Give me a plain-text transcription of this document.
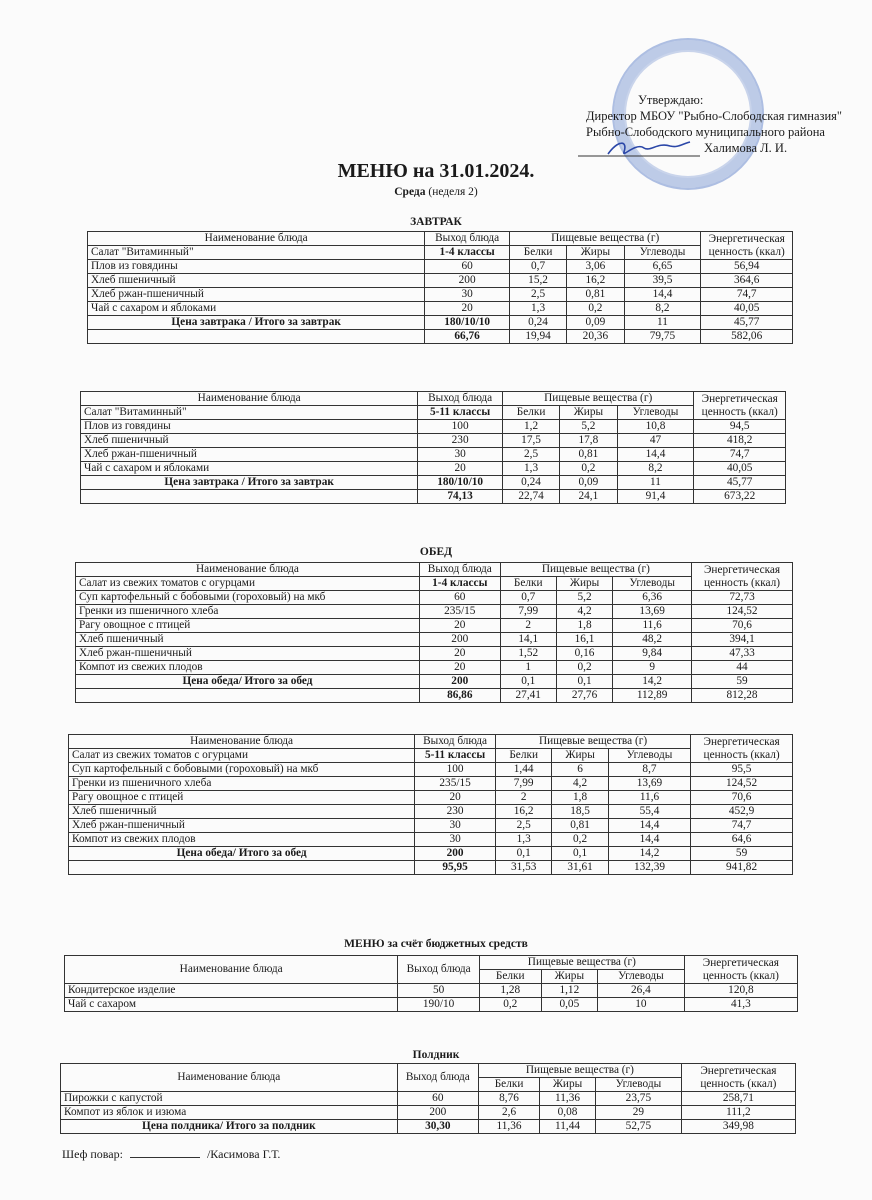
Утверждаю:
Директор МБОУ "Рыбно-Слободская гимназия"
Рыбно-Слободского муниципального района
Халимова Л. И.
МЕНЮ на 31.01.2024.
Среда (неделя 2)
ЗАВТРАК
Наименование блюда	Выход блюда	Пищевые вещества (г)			Энергетическая ценность (ккал)
Салат "Витаминный"	1-4 классы	Белки	Жиры	Углеводы	
Плов из говядины	60	0,7	3,06	6,65	56,94
Хлеб пшеничный	200	15,2	16,2	39,5	364,6
Хлеб ржан-пшеничный	30	2,5	0,81	14,4	74,7
Чай с сахаром и яблоками	20	1,3	0,2	8,2	40,05
Цена завтрака / Итого за завтрак	180/10/10	0,24	0,09	11	45,77
	66,76	19,94	20,36	79,75	582,06
Наименование блюда	Выход блюда	Пищевые вещества (г)			Энергетическая ценность (ккал)
Салат "Витаминный"	5-11 классы	Белки	Жиры	Углеводы	
Плов из говядины	100	1,2	5,2	10,8	94,5
Хлеб пшеничный	230	17,5	17,8	47	418,2
Хлеб ржан-пшеничный	30	2,5	0,81	14,4	74,7
Чай с сахаром и яблоками	20	1,3	0,2	8,2	40,05
Цена завтрака / Итого за завтрак	180/10/10	0,24	0,09	11	45,77
	74,13	22,74	24,1	91,4	673,22
ОБЕД
Наименование блюда	Выход блюда	Пищевые вещества (г)			Энергетическая ценность (ккал)
Салат из свежих томатов с огурцами	1-4 классы	Белки	Жиры	Углеводы	
Суп картофельный с бобовыми (гороховый) на мкб	60	0,7	5,2	6,36	72,73
Гренки из пшеничного хлеба	235/15	7,99	4,2	13,69	124,52
Рагу овощное с птицей	20	2	1,8	11,6	70,6
Хлеб пшеничный	200	14,1	16,1	48,2	394,1
Хлеб ржан-пшеничный	20	1,52	0,16	9,84	47,33
Компот из свежих плодов	20	1	0,2	9	44
Цена обеда/ Итого за обед	200	0,1	0,1	14,2	59
	86,86	27,41	27,76	112,89	812,28
Наименование блюда	Выход блюда	Пищевые вещества (г)			Энергетическая ценность (ккал)
Салат из свежих томатов с огурцами	5-11 классы	Белки	Жиры	Углеводы	
Суп картофельный с бобовыми (гороховый) на мкб	100	1,44	6	8,7	95,5
Гренки из пшеничного хлеба	235/15	7,99	4,2	13,69	124,52
Рагу овощное с птицей	20	2	1,8	11,6	70,6
Хлеб пшеничный	230	16,2	18,5	55,4	452,9
Хлеб ржан-пшеничный	30	2,5	0,81	14,4	74,7
Компот из свежих плодов	30	1,3	0,2	14,4	64,6
Цена обеда/ Итого за обед	200	0,1	0,1	14,2	59
	95,95	31,53	31,61	132,39	941,82
МЕНЮ за счёт бюджетных средств
Наименование блюда	Выход блюда	Пищевые вещества (г)			Энергетическая ценность (ккал)
		Белки	Жиры	Углеводы	
Кондитерское изделие	50	1,28	1,12	26,4	120,8
Чай с сахаром	190/10	0,2	0,05	10	41,3
Полдник
Наименование блюда	Выход блюда	Пищевые вещества (г)			Энергетическая ценность (ккал)
		Белки	Жиры	Углеводы	
Пирожки с капустой	60	8,76	11,36	23,75	258,71
Компот из яблок и изюма	200	2,6	0,08	29	111,2
Цена полдника/ Итого за полдник	30,30	11,36	11,44	52,75	349,98
Шеф повар:	/Касимова Г.Т.
